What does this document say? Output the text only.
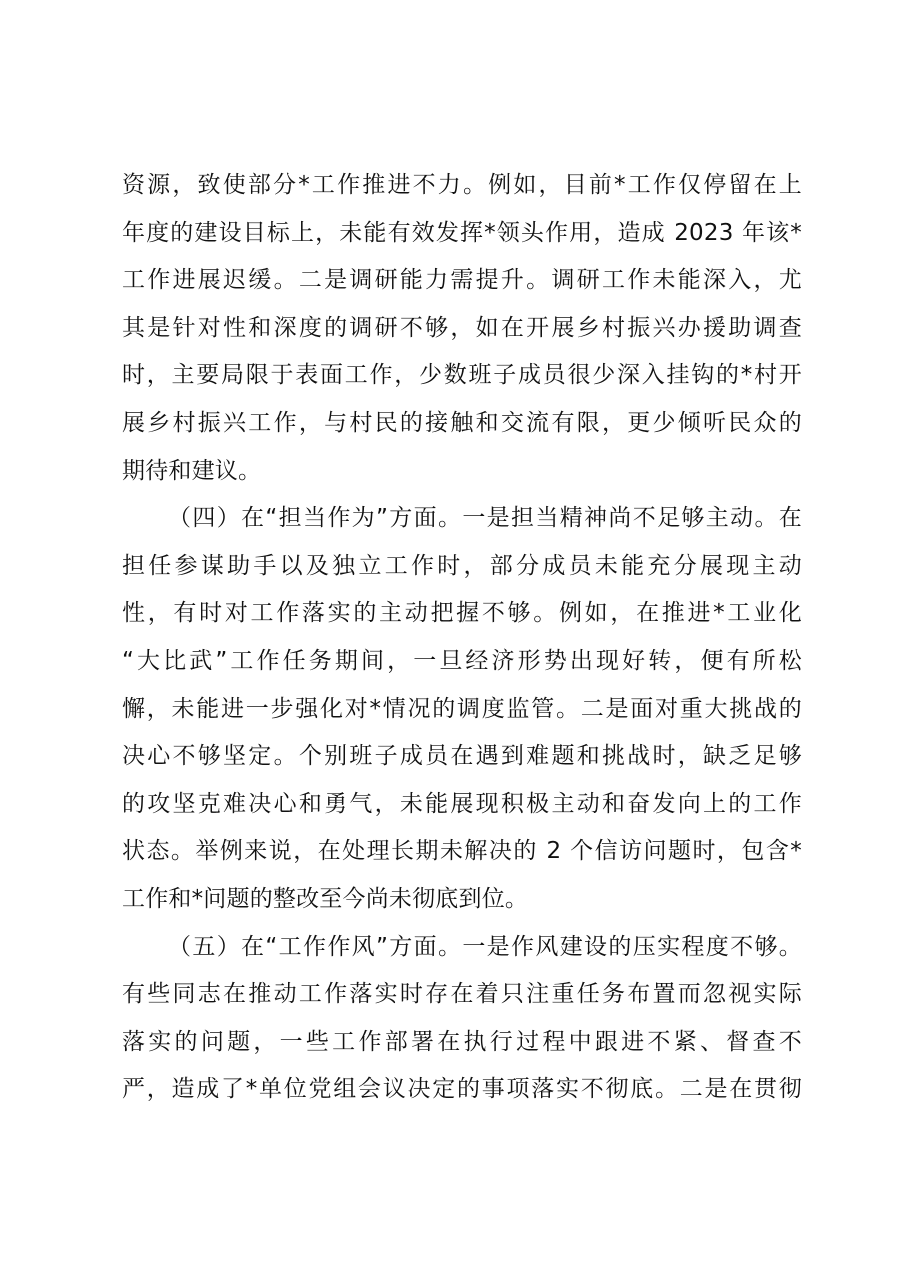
资源，致使部分*工作推进不力。例如，目前*工作仅停留在上
年度的建设目标上，未能有效发挥*领头作用，造成 2023 年该*
工作进展迟缓。二是调研能力需提升。调研工作未能深入，尤
其是针对性和深度的调研不够，如在开展乡村振兴办援助调查
时，主要局限于表面工作，少数班子成员很少深入挂钩的*村开
展乡村振兴工作，与村民的接触和交流有限，更少倾听民众的
期待和建议。
（四）在“担当作为”方面。一是担当精神尚不足够主动。在
担任参谋助手以及独立工作时，部分成员未能充分展现主动
性，有时对工作落实的主动把握不够。例如，在推进*工业化
“大比武”工作任务期间，一旦经济形势出现好转，便有所松
懈，未能进一步强化对*情况的调度监管。二是面对重大挑战的
决心不够坚定。个别班子成员在遇到难题和挑战时，缺乏足够
的攻坚克难决心和勇气，未能展现积极主动和奋发向上的工作
状态。举例来说，在处理长期未解决的 2 个信访问题时，包含*
工作和*问题的整改至今尚未彻底到位。
（五）在“工作作风”方面。一是作风建设的压实程度不够。
有些同志在推动工作落实时存在着只注重任务布置而忽视实际
落实的问题，一些工作部署在执行过程中跟进不紧、督查不
严，造成了*单位党组会议决定的事项落实不彻底。二是在贯彻
